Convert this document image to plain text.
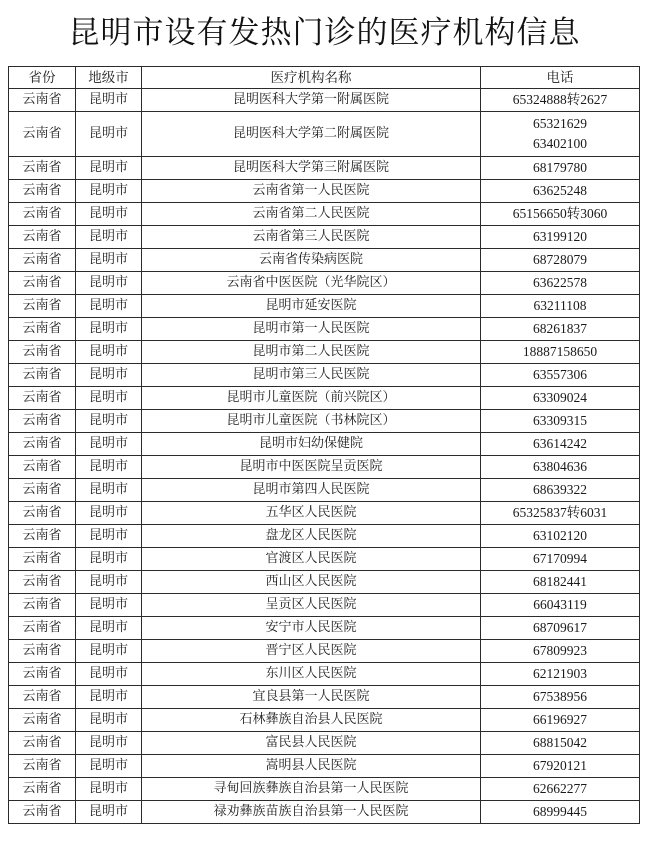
昆明市设有发热门诊的医疗机构信息
省份	地级市	医疗机构名称	电话
云南省	昆明市	昆明医科大学第一附属医院	65324888转2627

云南省	昆明市	昆明医科大学第二附属医院	65321629
63402100

云南省	昆明市	昆明医科大学第三附属医院	68179780

云南省	昆明市	云南省第一人民医院	63625248

云南省	昆明市	云南省第二人民医院	65156650转3060

云南省	昆明市	云南省第三人民医院	63199120

云南省	昆明市	云南省传染病医院	68728079

云南省	昆明市	云南省中医医院（光华院区）	63622578

云南省	昆明市	昆明市延安医院	63211108

云南省	昆明市	昆明市第一人民医院	68261837

云南省	昆明市	昆明市第二人民医院	18887158650

云南省	昆明市	昆明市第三人民医院	63557306

云南省	昆明市	昆明市儿童医院（前兴院区）	63309024

云南省	昆明市	昆明市儿童医院（书林院区）	63309315

云南省	昆明市	昆明市妇幼保健院	63614242

云南省	昆明市	昆明市中医医院呈贡医院	63804636

云南省	昆明市	昆明市第四人民医院	68639322

云南省	昆明市	五华区人民医院	65325837转6031

云南省	昆明市	盘龙区人民医院	63102120

云南省	昆明市	官渡区人民医院	67170994

云南省	昆明市	西山区人民医院	68182441

云南省	昆明市	呈贡区人民医院	66043119

云南省	昆明市	安宁市人民医院	68709617

云南省	昆明市	晋宁区人民医院	67809923

云南省	昆明市	东川区人民医院	62121903

云南省	昆明市	宜良县第一人民医院	67538956

云南省	昆明市	石林彝族自治县人民医院	66196927

云南省	昆明市	富民县人民医院	68815042

云南省	昆明市	嵩明县人民医院	67920121

云南省	昆明市	寻甸回族彝族自治县第一人民医院	62662277

云南省	昆明市	禄劝彝族苗族自治县第一人民医院	68999445
